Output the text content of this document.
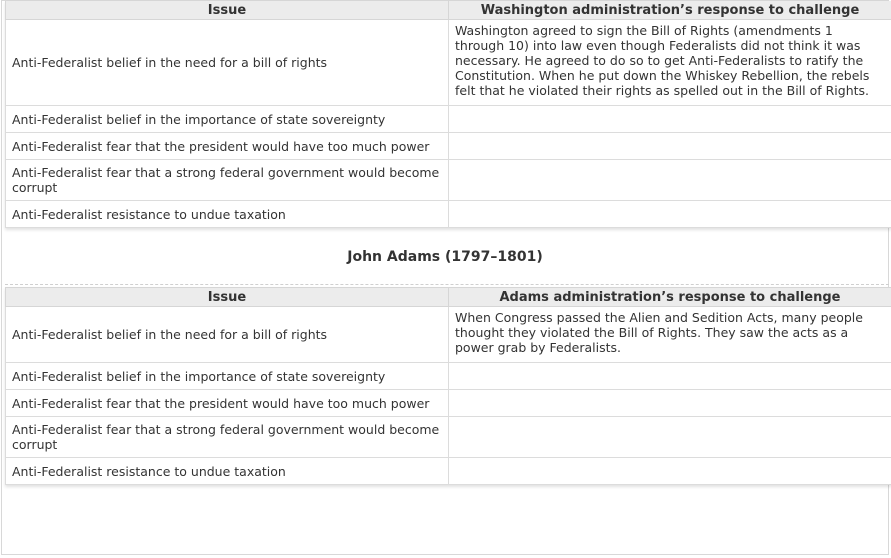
Issue	Washington administration’s response to challenge
Anti-Federalist belief in the need for a bill of rights	Washington agreed to sign the Bill of Rights (amendments 1 through 10) into law even though Federalists did not think it was necessary. He agreed to do so to get Anti-Federalists to ratify the Constitution. When he put down the Whiskey Rebellion, the rebels felt that he violated their rights as spelled out in the Bill of Rights.
Anti-Federalist belief in the importance of state sovereignty	
Anti-Federalist fear that the president would have too much power	
Anti-Federalist fear that a strong federal government would become corrupt	
Anti-Federalist resistance to undue taxation	
John Adams (1797–1801)
Issue	Adams administration’s response to challenge
Anti-Federalist belief in the need for a bill of rights	When Congress passed the Alien and Sedition Acts, many people thought they violated the Bill of Rights. They saw the acts as a power grab by Federalists.
Anti-Federalist belief in the importance of state sovereignty	
Anti-Federalist fear that the president would have too much power	
Anti-Federalist fear that a strong federal government would become corrupt	
Anti-Federalist resistance to undue taxation	
